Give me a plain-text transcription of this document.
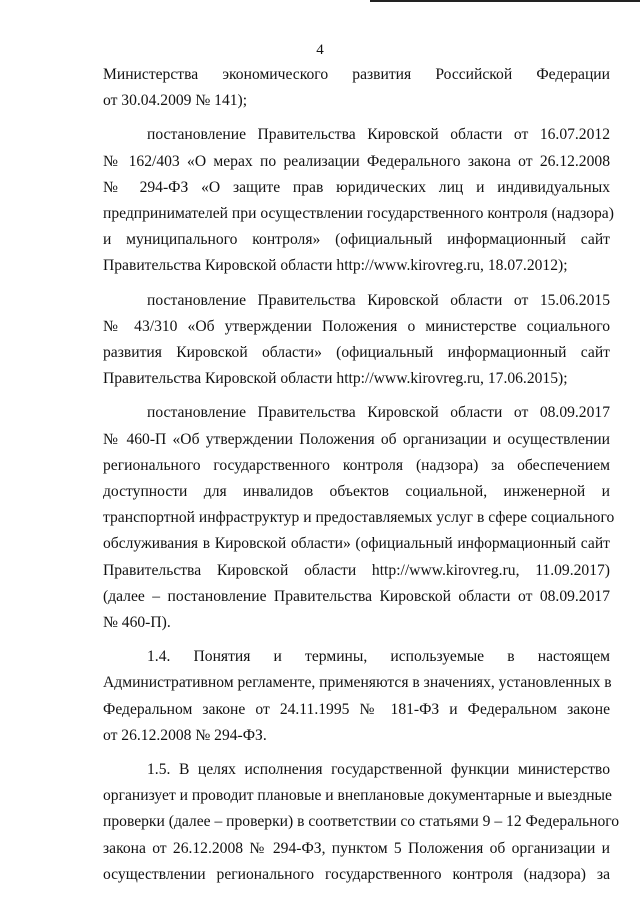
4
Министерства экономического развития Российской Федерации
от 30.04.2009 № 141);
постановление Правительства Кировской области от 16.07.2012
№ 162/403 «О мерах по реализации Федерального закона от 26.12.2008
№ 294-ФЗ «О защите прав юридических лиц и индивидуальных
предпринимателей при осуществлении государственного контроля (надзора)
и муниципального контроля» (официальный информационный сайт
Правительства Кировской области http://www.kirovreg.ru, 18.07.2012);
постановление Правительства Кировской области от 15.06.2015
№ 43/310 «Об утверждении Положения о министерстве социального
развития Кировской области» (официальный информационный сайт
Правительства Кировской области http://www.kirovreg.ru, 17.06.2015);
постановление Правительства Кировской области от 08.09.2017
№ 460-П «Об утверждении Положения об организации и осуществлении
регионального государственного контроля (надзора) за обеспечением
доступности для инвалидов объектов социальной, инженерной и
транспортной инфраструктур и предоставляемых услуг в сфере социального
обслуживания в Кировской области» (официальный информационный сайт
Правительства Кировской области http://www.kirovreg.ru, 11.09.2017)
(далее – постановление Правительства Кировской области от 08.09.2017
№ 460-П).
1.4. Понятия и термины, используемые в настоящем
Административном регламенте, применяются в значениях, установленных в
Федеральном законе от 24.11.1995 № 181-ФЗ и Федеральном законе
от 26.12.2008 № 294-ФЗ.
1.5. В целях исполнения государственной функции министерство
организует и проводит плановые и внеплановые документарные и выездные
проверки (далее – проверки) в соответствии со статьями 9 – 12 Федерального
закона от 26.12.2008 № 294-ФЗ, пунктом 5 Положения об организации и
осуществлении регионального государственного контроля (надзора) за
